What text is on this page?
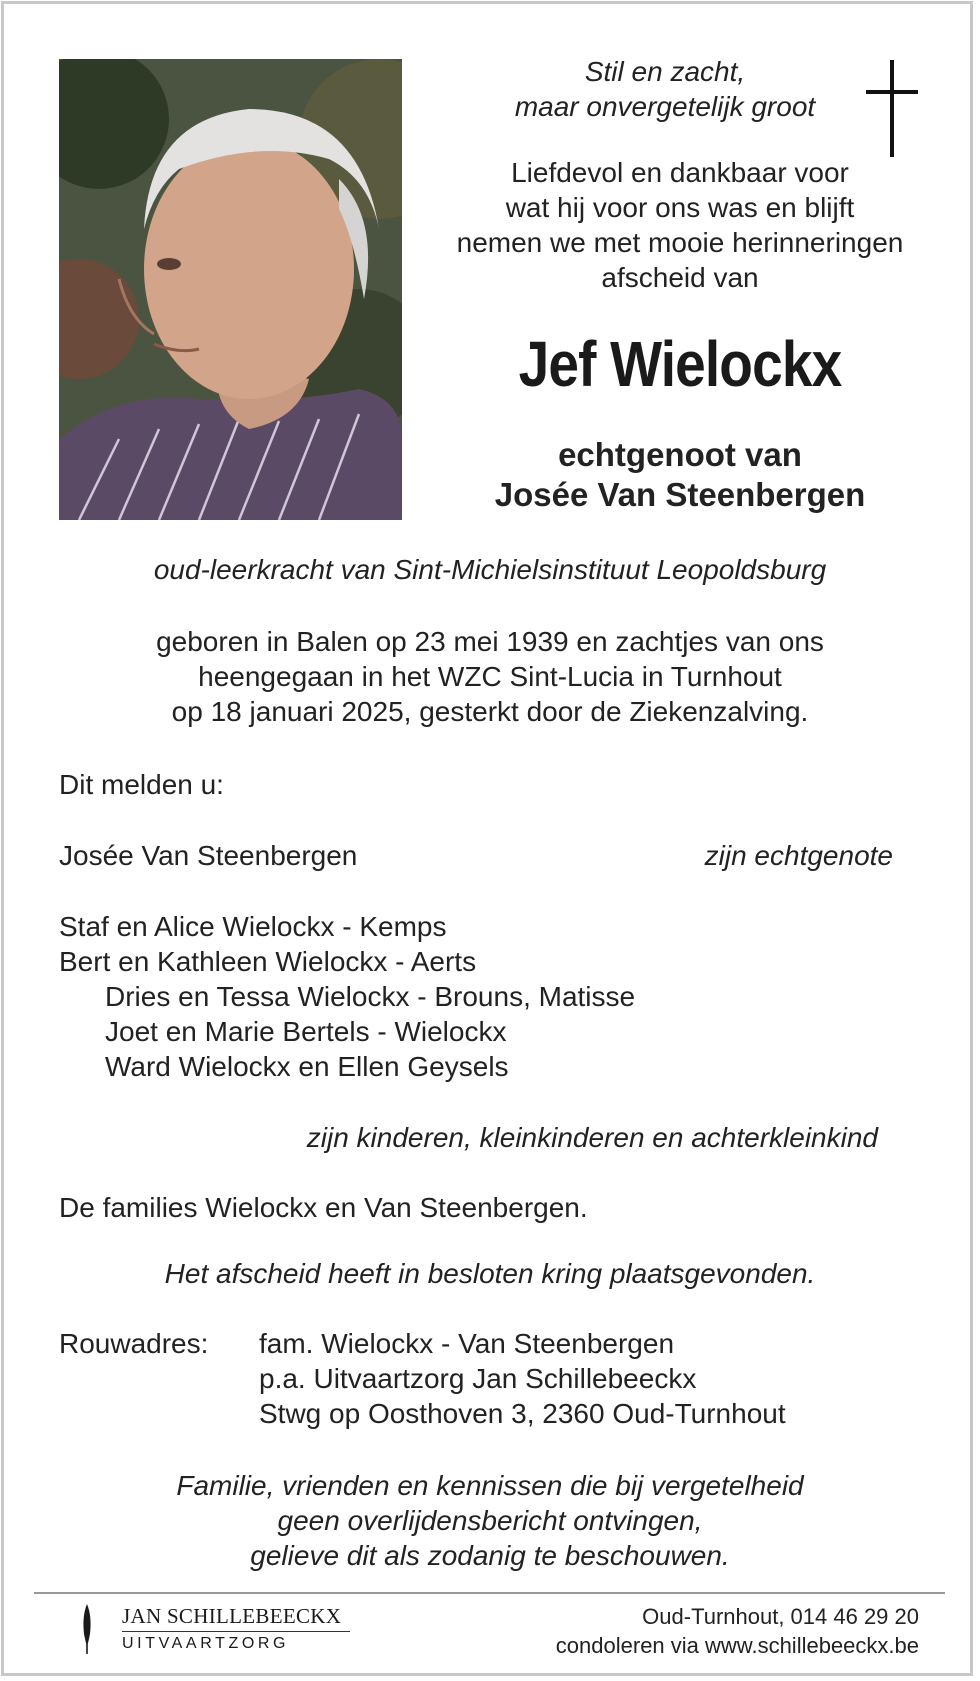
Stil en zacht,
maar onvergetelijk groot
Liefdevol en dankbaar voor
wat hij voor ons was en blijft
nemen we met mooie herinneringen
afscheid van
Jef Wielockx
echtgenoot van
Josée Van Steenbergen
oud-leerkracht van Sint-Michielsinstituut Leopoldsburg
geboren in Balen op 23 mei 1939 en zachtjes van ons
heengegaan in het WZC Sint-Lucia in Turnhout
op 18 januari 2025, gesterkt door de Ziekenzalving.
Dit melden u:
Josée Van Steenbergen	zijn echtgenote
Staf en Alice Wielockx - Kemps
Bert en Kathleen Wielockx - Aerts
Dries en Tessa Wielockx - Brouns, Matisse
Joet en Marie Bertels - Wielockx
Ward Wielockx en Ellen Geysels
zijn kinderen, kleinkinderen en achterkleinkind
De families Wielockx en Van Steenbergen.
Het afscheid heeft in besloten kring plaatsgevonden.
Rouwadres: fam. Wielockx - Van Steenbergen
p.a. Uitvaartzorg Jan Schillebeeckx
Stwg op Oosthoven 3, 2360 Oud-Turnhout
Familie, vrienden en kennissen die bij vergetelheid
geen overlijdensbericht ontvingen,
gelieve dit als zodanig te beschouwen.
JAN SCHILLEBEECKX
UITVAARTZORG
Oud-Turnhout, 014 46 29 20
condoleren via www.schillebeeckx.be
